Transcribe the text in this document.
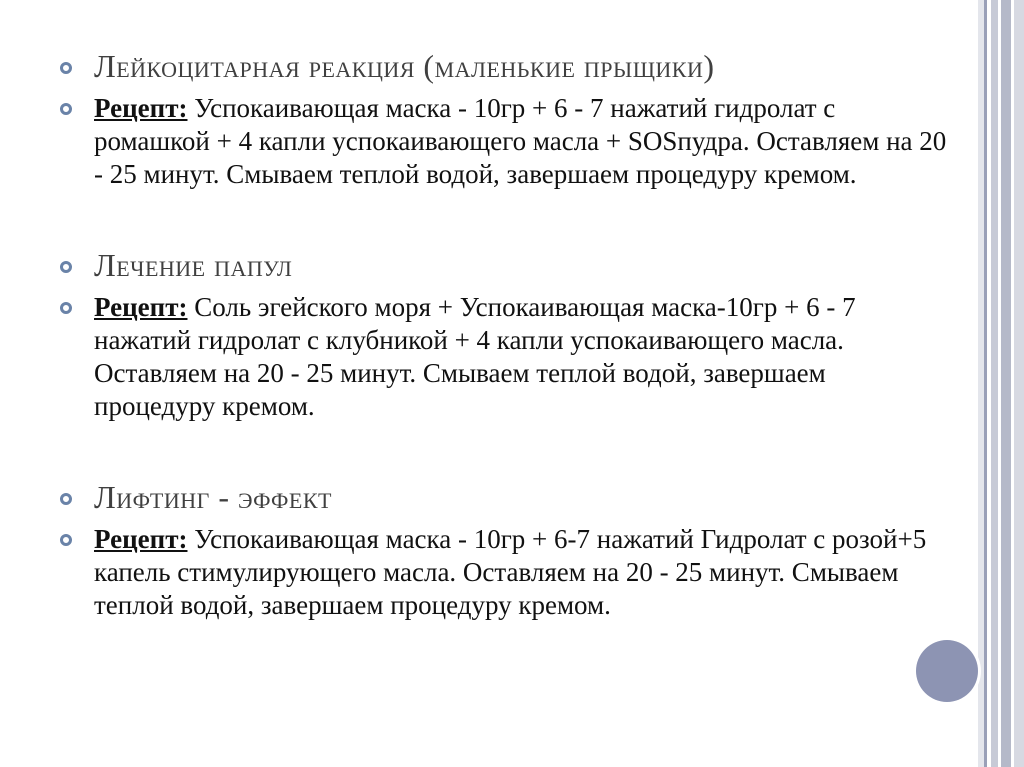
Лейкоцитарная реакция (маленькие прыщики)
Рецепт: Успокаивающая маска - 10гр + 6 - 7 нажатий гидролат с ромашкой + 4 капли успокаивающего масла + SOSпудра. Оставляем на 20 - 25 минут. Смываем теплой водой, завершаем процедуру кремом.
Лечение папул
Рецепт: Соль эгейского моря + Успокаивающая маска-10гр + 6 - 7 нажатий гидролат с клубникой + 4 капли успокаивающего масла. Оставляем на 20 - 25 минут. Смываем теплой водой, завершаем процедуру кремом.
Лифтинг - эффект
Рецепт: Успокаивающая маска - 10гр + 6-7 нажатий Гидролат с розой+5 капель стимулирующего масла. Оставляем на 20 - 25 минут. Смываем теплой водой, завершаем процедуру кремом.
